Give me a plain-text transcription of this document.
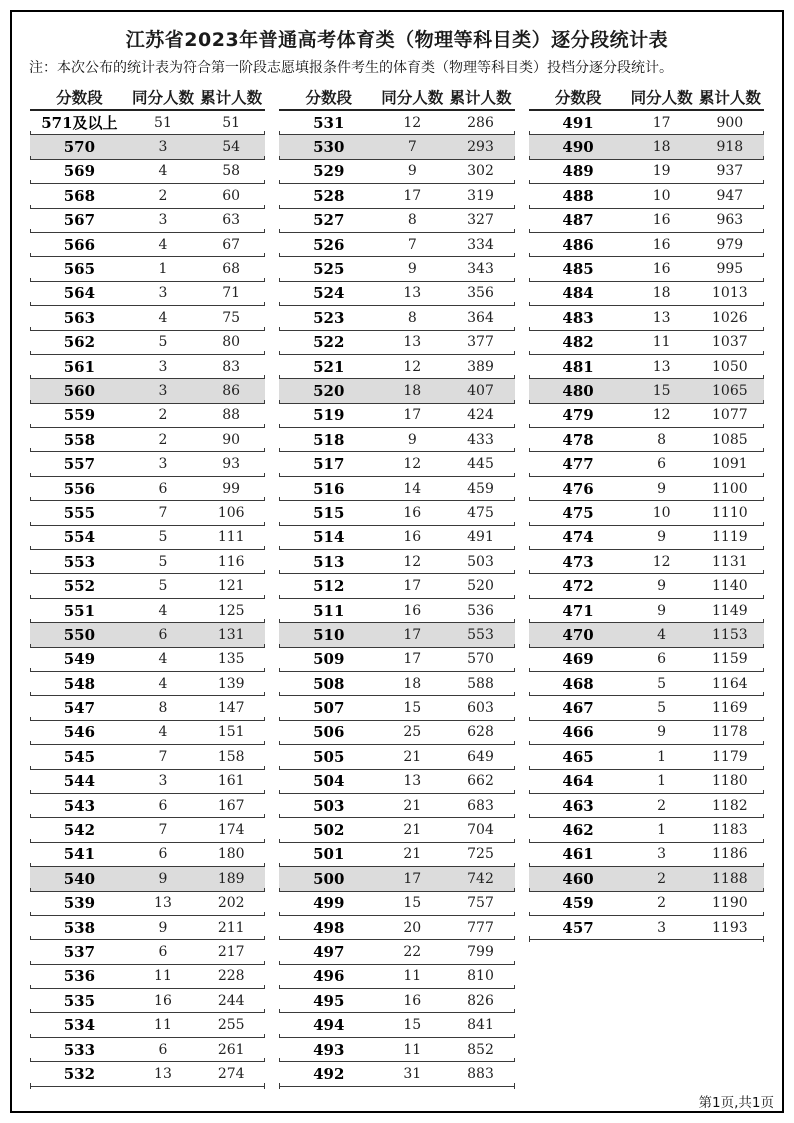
江苏省2023年普通高考体育类（物理等科目类）逐分段统计表
注：本次公布的统计表为符合第一阶段志愿填报条件考生的体育类（物理等科目类）投档分逐分段统计。
分数段	同分人数 累计人数
571及以上	51	51
570	3	54
569	4	58
568	2	60
567	3	63
566	4	67
565	1	68
564	3	71
563	4	75
562	5	80
561	3	83
560	3	86
559	2	88
558	2	90
557	3	93
556	6	99
555	7	106
554	5	111
553	5	116
552	5	121
551	4	125
550	6	131
549	4	135
548	4	139
547	8	147
546	4	151
545	7	158
544	3	161
543	6	167
542	7	174
541	6	180
540	9	189
539	13	202
538	9	211
537	6	217
536	11	228
535	16	244
534	11	255
533	6	261
532	13	274
分数段	同分人数 累计人数
531	12	286
530	7	293
529	9	302
528	17	319
527	8	327
526	7	334
525	9	343
524	13	356
523	8	364
522	13	377
521	12	389
520	18	407
519	17	424
518	9	433
517	12	445
516	14	459
515	16	475
514	16	491
513	12	503
512	17	520
511	16	536
510	17	553
509	17	570
508	18	588
507	15	603
506	25	628
505	21	649
504	13	662
503	21	683
502	21	704
501	21	725
500	17	742
499	15	757
498	20	777
497	22	799
496	11	810
495	16	826
494	15	841
493	11	852
492	31	883
分数段	同分人数 累计人数
491	17	900
490	18	918
489	19	937
488	10	947
487	16	963
486	16	979
485	16	995
484	18	1013
483	13	1026
482	11	1037
481	13	1050
480	15	1065
479	12	1077
478	8	1085
477	6	1091
476	9	1100
475	10	1110
474	9	1119
473	12	1131
472	9	1140
471	9	1149
470	4	1153
469	6	1159
468	5	1164
467	5	1169
466	9	1178
465	1	1179
464	1	1180
463	2	1182
462	1	1183
461	3	1186
460	2	1188
459	2	1190
457	3	1193
第1页,共1页
